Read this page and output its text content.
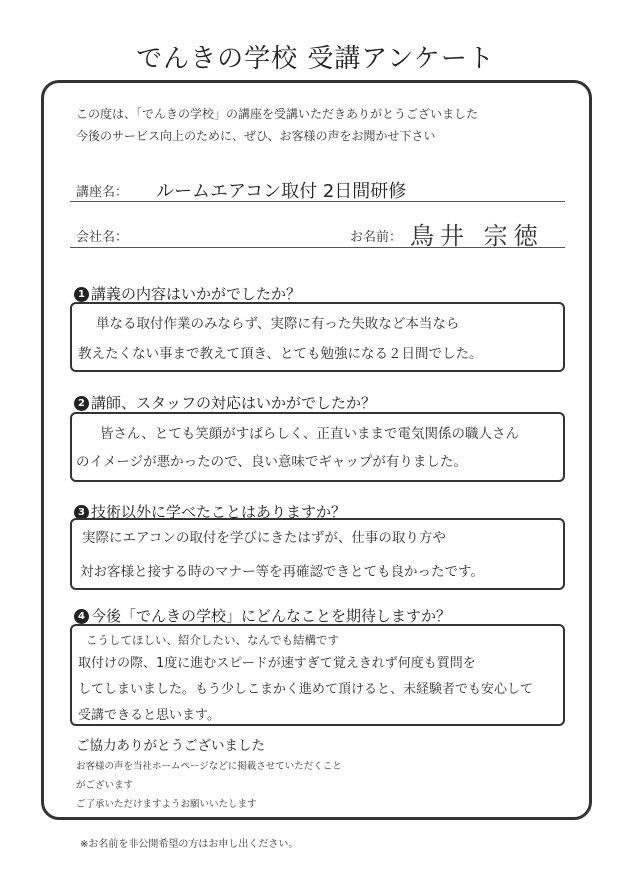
でんきの学校 受講アンケート
この度は、「でんきの学校」の講座を受講いただきありがとうございました
今後のサービス向上のために、ぜひ、お客様の声をお聞かせ下さい
講座名： ルームエアコン取付 2日間研修
会社名：	お名前： 鳥井 宗徳
1 講義の内容はいかがでしたか？
単なる取付作業のみならず、実際に有った失敗など本当なら
教えたくない事まで教えて頂き、とても勉強になる２日間でした。
2 講師、スタッフの対応はいかがでしたか？
皆さん、とても笑顔がすばらしく、正直いままで電気関係の職人さん
のイメージが悪かったので、良い意味でギャップが有りました。
3 技術以外に学べたことはありますか？
実際にエアコンの取付を学びにきたはずが、仕事の取り方や
対お客様と接する時のマナー等を再確認できとても良かったです。
4 今後「でんきの学校」にどんなことを期待しますか？
こうしてほしい、紹介したい、なんでも結構です
取付けの際、1度に進むスピードが速すぎて覚えきれず何度も質問を
してしまいました。もう少しこまかく進めて頂けると、未経験者でも安心して
受講できると思います。
ご協力ありがとうございました
お客様の声を当社ホームページなどに掲載させていただくこと
がございます
ご了承いただけますようお願いいたします
※お名前を非公開希望の方はお申し出ください。
